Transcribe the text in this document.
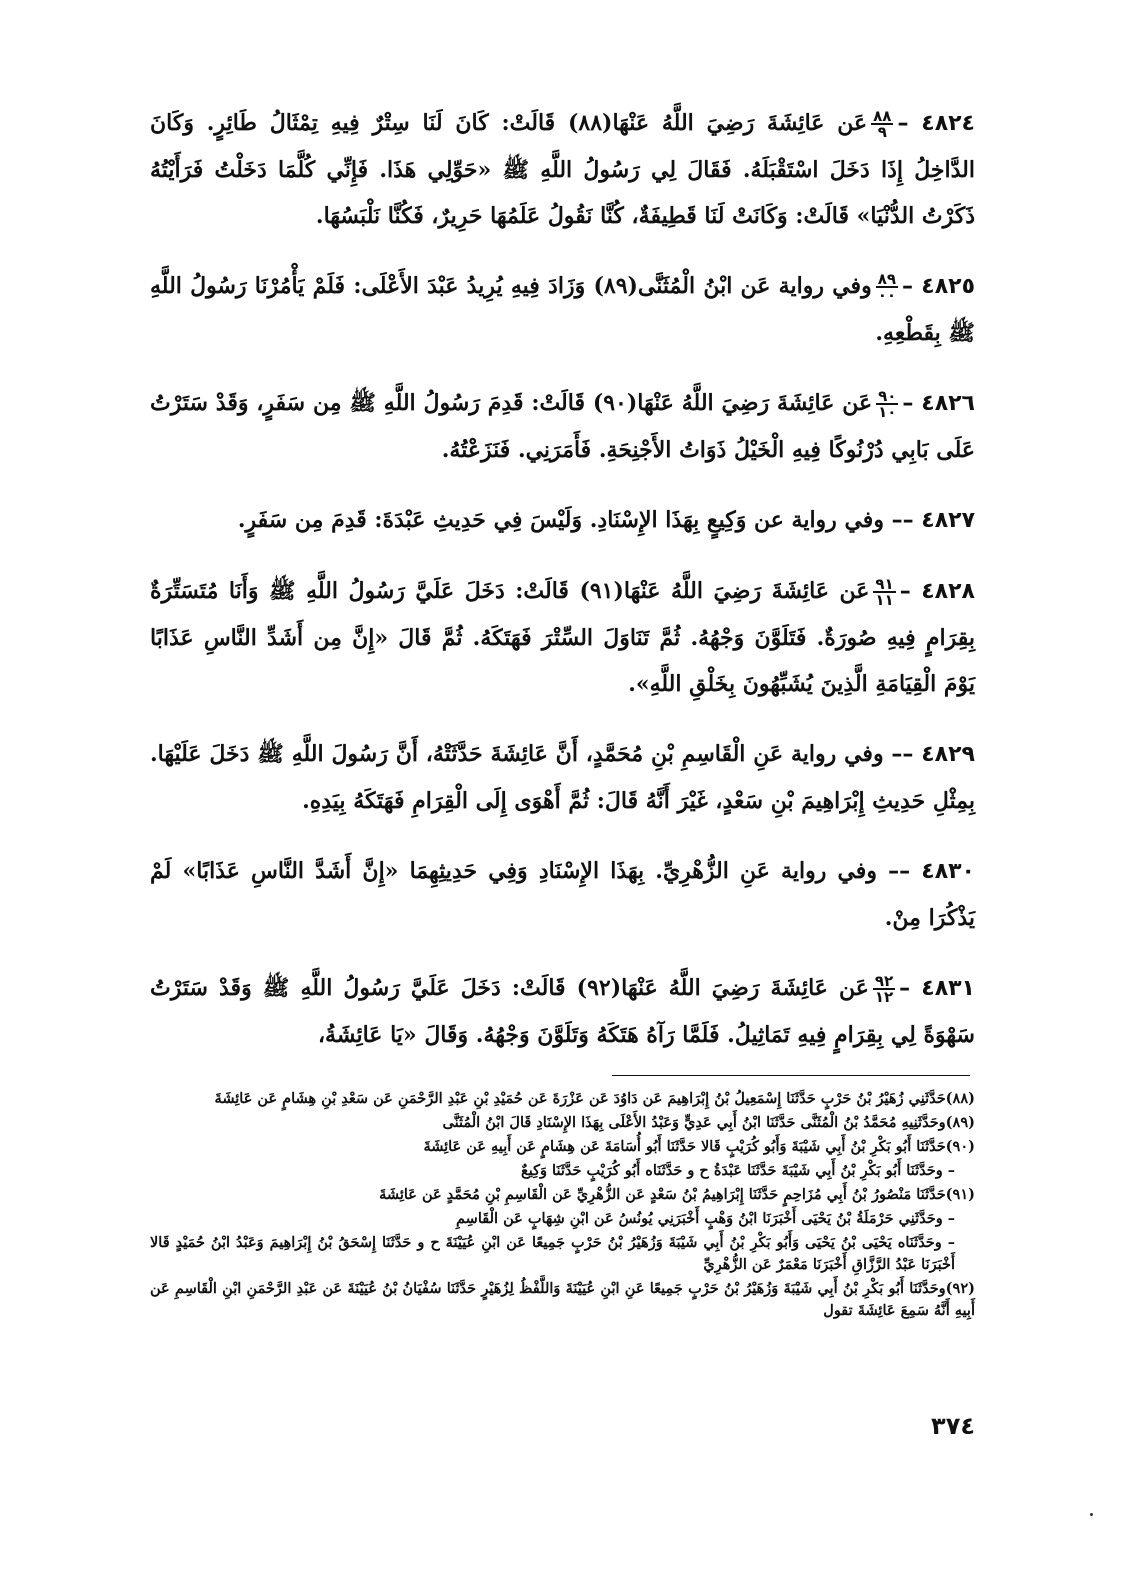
٤٨٢٤ –
$\frac{٨٨}{٩}$
عَن عَائِشَةَ رَضِيَ اللَّهُ عَنْهَا(٨٨) قَالَتْ: كَانَ لَنَا سِتْرٌ فِيهِ تِمْثَالُ طَائِرٍ. وَكَانَ الدَّاخِلُ إِذَا دَخَلَ اسْتَقْبَلَهُ. فَقَالَ لِي رَسُولُ اللَّهِ ﷺ «حَوِّلِي هَذَا. فَإِنِّي كُلَّمَا دَخَلْتُ فَرَأَيْتُهُ ذَكَرْتُ الدُّنْيَا» قَالَتْ: وَكَانَتْ لَنَا قَطِيفَةٌ، كُنَّا نَقُولُ عَلَمُهَا حَرِيرٌ، فَكُنَّا نَلْبَسُهَا.

٤٨٢٥ –
$\frac{٨٩}{٠٠}$
وفي رواية عَن ابْنُ الْمُثَنَّى(٨٩) وَزَادَ فِيهِ يُرِيدُ عَبْدَ الأَعْلَى: فَلَمْ يَأْمُرْنَا رَسُولُ اللَّهِ ﷺ بِقَطْعِهِ.

٤٨٢٦ –
$\frac{٩٠}{١٠}$
عَن عَائِشَةَ رَضِيَ اللَّهُ عَنْهَا(٩٠) قَالَتْ: قَدِمَ رَسُولُ اللَّهِ ﷺ مِن سَفَرٍ، وَقَدْ سَتَرْتُ عَلَى بَابِي دُرْنُوكًا فِيهِ الْخَيْلُ ذَوَاتُ الأَجْنِحَةِ. فَأَمَرَنِي. فَنَزَعْتُهُ.

٤٨٢٧ –– وفي رواية عن وَكِيعٍ بِهَذَا الإِسْنَادِ. وَلَيْسَ فِي حَدِيثِ عَبْدَةَ: قَدِمَ مِن سَفَرٍ.

٤٨٢٨ –
$\frac{٩١}{١١}$
عَن عَائِشَةَ رَضِيَ اللَّهُ عَنْهَا(٩١) قَالَتْ: دَخَلَ عَلَيَّ رَسُولُ اللَّهِ ﷺ وَأَنَا مُتَسَتِّرَةٌ بِقِرَامٍ فِيهِ صُورَةٌ. فَتَلَوَّنَ وَجْهُهُ. ثُمَّ تَنَاوَلَ السِّتْرَ فَهَتَكَهُ. ثُمَّ قَالَ «إِنَّ مِن أَشَدِّ النَّاسِ عَذَابًا يَوْمَ الْقِيَامَةِ الَّذِينَ يُشَبِّهُونَ بِخَلْقِ اللَّهِ».

٤٨٢٩ –– وفي رواية عَنِ الْقَاسِمِ بْنِ مُحَمَّدٍ، أَنَّ عَائِشَةَ حَدَّثَتْهُ، أَنَّ رَسُولَ اللَّهِ ﷺ دَخَلَ عَلَيْهَا. بِمِثْلِ حَدِيثِ إِبْرَاهِيمَ بْنِ سَعْدٍ، غَيْرَ أَنَّهُ قَالَ: ثُمَّ أَهْوَى إِلَى الْقِرَامِ فَهَتَكَهُ بِيَدِهِ.

٤٨٣٠ –– وفي رواية عَنِ الزُّهْرِيِّ. بِهَذَا الإِسْنَادِ وَفِي حَدِيثِهِمَا «إِنَّ أَشَدَّ النَّاسِ عَذَابًا» لَمْ يَذْكُرَا مِنْ.

٤٨٣١ –
$\frac{٩٢}{١٢}$
عَن عَائِشَةَ رَضِيَ اللَّهُ عَنْهَا(٩٢) قَالَتْ: دَخَلَ عَلَيَّ رَسُولُ اللَّهِ ﷺ وَقَدْ سَتَرْتُ سَهْوَةً لِي بِقِرَامٍ فِيهِ تَمَاثِيلُ. فَلَمَّا رَآهُ هَتَكَهُ وَتَلَوَّنَ وَجْهُهُ. وَقَالَ «يَا عَائِشَةُ،

(٨٨)حَدَّثَنِي زُهَيْرُ بْنُ حَرْبٍ حَدَّثَنَا إِسْمَعِيلُ بْنُ إِبْرَاهِيمَ عَن دَاوُدَ عَن عَزْرَةَ عَن حُمَيْدِ بْنِ عَبْدِ الرَّحْمَنِ عَن سَعْدِ بْنِ هِشَامٍ عَن عَائِشَةَ

(٨٩)وحَدَّثَنِيهِ مُحَمَّدُ بْنُ الْمُثَنَّى حَدَّثَنَا ابْنُ أَبِي عَدِيٍّ وَعَبْدُ الأَعْلَى بِهَذَا الإِسْنَادِ قَالَ ابْنُ الْمُثَنَّى

(٩٠)حَدَّثَنَا أَبُو بَكْرِ بْنُ أَبِي شَيْبَةَ وَأَبُو كُرَيْبٍ قَالا حَدَّثَنَا أَبُو أُسَامَةَ عَن هِشَامٍ عَن أَبِيهِ عَن عَائِشَةَ

– وحَدَّثَنَا أَبُو بَكْرِ بْنُ أَبِي شَيْبَةَ حَدَّثَنَا عَبْدَةُ ح و حَدَّثَنَاه أَبُو كُرَيْبٍ حَدَّثَنَا وَكِيعٌ

(٩١)حَدَّثَنَا مَنْصُورُ بْنُ أَبِي مُزَاحِمٍ حَدَّثَنَا إِبْرَاهِيمُ بْنُ سَعْدٍ عَن الزُّهْرِيِّ عَن الْقَاسِمِ بْنِ مُحَمَّدٍ عَن عَائِشَةَ

– وحَدَّثَنِي حَرْمَلَةُ بْنُ يَحْيَى أَخْبَرَنَا ابْنُ وَهْبٍ أَخْبَرَنِي يُونُسُ عَن ابْنِ شِهَابٍ عَن الْقَاسِمِ

– وحَدَّثَنَاه يَحْيَى بْنُ يَحْيَى وَأَبُو بَكْرِ بْنُ أَبِي شَيْبَةَ وَزُهَيْرُ بْنُ حَرْبٍ جَمِيعًا عَن ابْنِ عُيَيْنَةَ ح و حَدَّثَنَا إِسْحَقُ بْنُ إِبْرَاهِيمَ وَعَبْدُ ابْنُ حُمَيْدٍ قَالا أَخْبَرَنَا عَبْدُ الرَّزَّاقِ أَخْبَرَنَا مَعْمَرٌ عَن الزُّهْرِيِّ

(٩٢)وحَدَّثَنَا أَبُو بَكْرِ بْنُ أَبِي شَيْبَةَ وَزُهَيْرُ بْنُ حَرْبٍ جَمِيعًا عَنِ ابْنِ عُيَيْنَةَ وَاللَّفْظُ لِزُهَيْرٍ حَدَّثَنَا سُفْيَانُ بْنُ عُيَيْنَةَ عَن عَبْدِ الرَّحْمَنِ ابْنِ الْقَاسِمِ عَن أَبِيهِ أَنَّهُ سَمِعَ عَائِشَةَ تقول

٣٧٤
